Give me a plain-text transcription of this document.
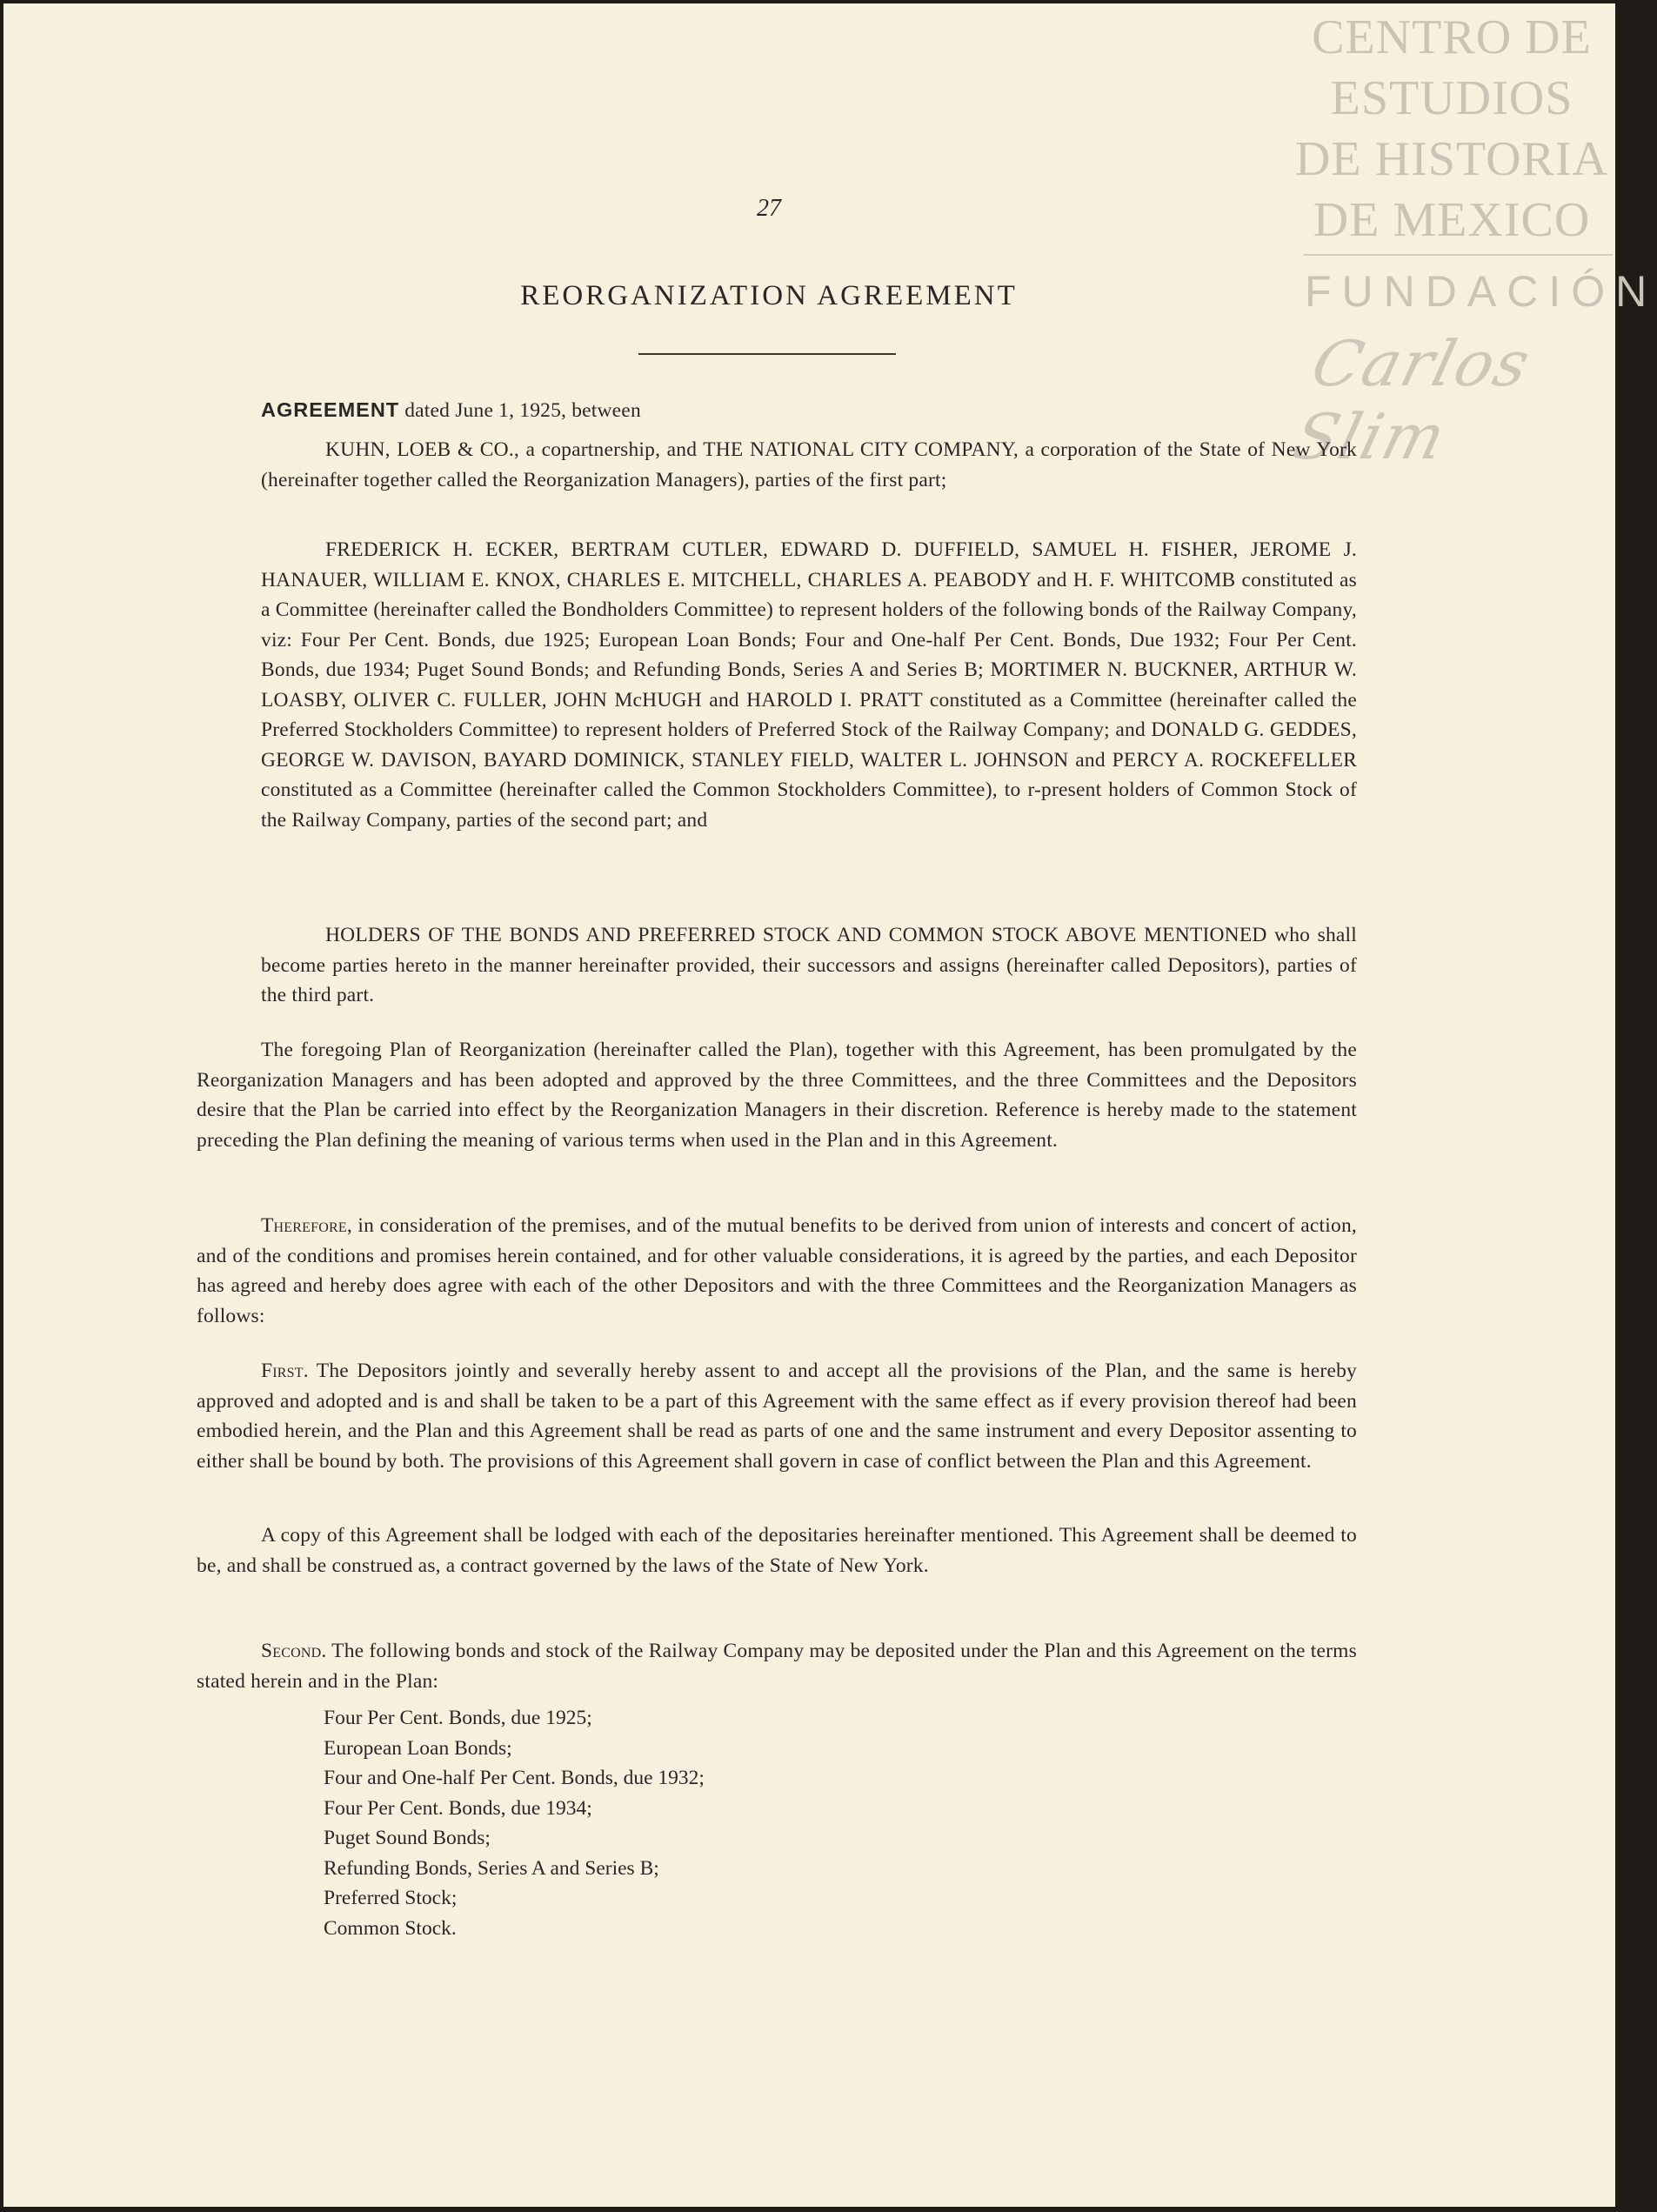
CENTRO DE
ESTUDIOS
DE HISTORIA
DE MEXICO
FUNDACIÓN
Carlos Slim
27
REORGANIZATION AGREEMENT
AGREEMENT dated June 1, 1925, between
KUHN, LOEB & CO., a copartnership, and THE NATIONAL CITY COMPANY, a corporation of the State of New York (hereinafter together called the Reorganization Managers), parties of the first part;
FREDERICK H. ECKER, BERTRAM CUTLER, EDWARD D. DUFFIELD, SAMUEL H. FISHER, JEROME J. HANAUER, WILLIAM E. KNOX, CHARLES E. MITCHELL, CHARLES A. PEABODY and H. F. WHITCOMB constituted as a Committee (hereinafter called the Bondholders Committee) to represent holders of the following bonds of the Railway Company, viz: Four Per Cent. Bonds, due 1925; European Loan Bonds; Four and One-half Per Cent. Bonds, Due 1932; Four Per Cent. Bonds, due 1934; Puget Sound Bonds; and Refunding Bonds, Series A and Series B; MORTIMER N. BUCKNER, ARTHUR W. LOASBY, OLIVER C. FULLER, JOHN McHUGH and HAROLD I. PRATT constituted as a Committee (hereinafter called the Preferred Stockholders Committee) to represent holders of Preferred Stock of the Railway Company; and DONALD G. GEDDES, GEORGE W. DAVISON, BAYARD DOMINICK, STANLEY FIELD, WALTER L. JOHNSON and PERCY A. ROCKEFELLER constituted as a Committee (hereinafter called the Common Stockholders Committee), to r-present holders of Common Stock of the Railway Company, parties of the second part; and
HOLDERS OF THE BONDS AND PREFERRED STOCK AND COMMON STOCK ABOVE MENTIONED who shall become parties hereto in the manner hereinafter provided, their successors and assigns (hereinafter called Depositors), parties of the third part.
The foregoing Plan of Reorganization (hereinafter called the Plan), together with this Agreement, has been promulgated by the Reorganization Managers and has been adopted and approved by the three Committees, and the three Committees and the Depositors desire that the Plan be carried into effect by the Reorganization Managers in their discretion. Reference is hereby made to the statement preceding the Plan defining the meaning of various terms when used in the Plan and in this Agreement.
Therefore, in consideration of the premises, and of the mutual benefits to be derived from union of interests and concert of action, and of the conditions and promises herein contained, and for other valuable considerations, it is agreed by the parties, and each Depositor has agreed and hereby does agree with each of the other Depositors and with the three Committees and the Reorganization Managers as follows:
First. The Depositors jointly and severally hereby assent to and accept all the provisions of the Plan, and the same is hereby approved and adopted and is and shall be taken to be a part of this Agreement with the same effect as if every provision thereof had been embodied herein, and the Plan and this Agreement shall be read as parts of one and the same instrument and every Depositor assenting to either shall be bound by both. The provisions of this Agreement shall govern in case of conflict between the Plan and this Agreement.
A copy of this Agreement shall be lodged with each of the depositaries hereinafter mentioned. This Agreement shall be deemed to be, and shall be construed as, a contract governed by the laws of the State of New York.
Second. The following bonds and stock of the Railway Company may be deposited under the Plan and this Agreement on the terms stated herein and in the Plan:
Four Per Cent. Bonds, due 1925;
European Loan Bonds;
Four and One-half Per Cent. Bonds, due 1932;
Four Per Cent. Bonds, due 1934;
Puget Sound Bonds;
Refunding Bonds, Series A and Series B;
Preferred Stock;
Common Stock.
